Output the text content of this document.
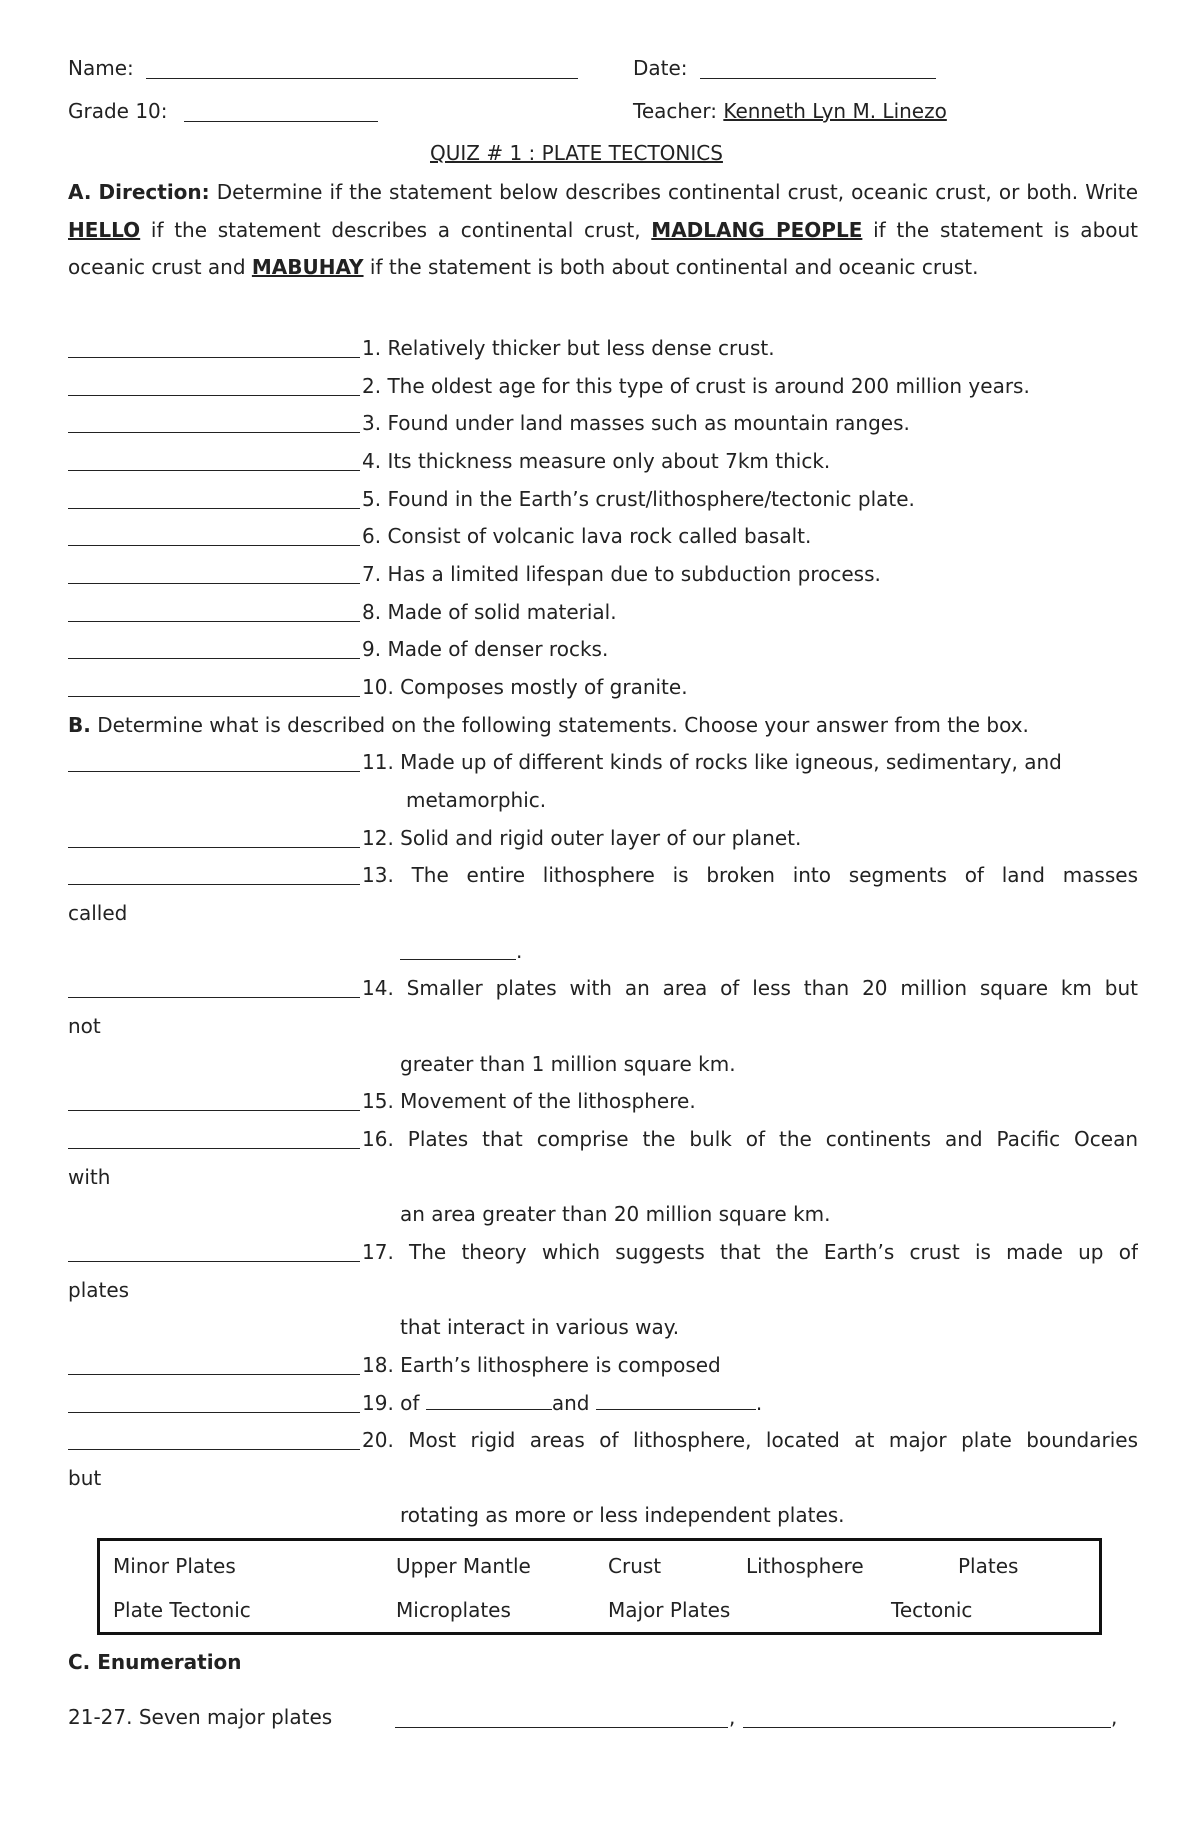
Name:	Date:
Grade 10:	Teacher: Kenneth Lyn M. Linezo
QUIZ # 1 : PLATE TECTONICS
A. Direction: Determine if the statement below describes continental crust, oceanic crust, or both. Write HELLO if the statement describes a continental crust, MADLANG PEOPLE if the statement is about oceanic crust and MABUHAY if the statement is both about continental and oceanic crust.
1. Relatively thicker but less dense crust.
2. The oldest age for this type of crust is around 200 million years.
3. Found under land masses such as mountain ranges.
4. Its thickness measure only about 7km thick.
5. Found in the Earth’s crust/lithosphere/tectonic plate.
6. Consist of volcanic lava rock called basalt.
7. Has a limited lifespan due to subduction process.
8. Made of solid material.
9. Made of denser rocks.
10. Composes mostly of granite.
B. Determine what is described on the following statements. Choose your answer from the box.
11. Made up of different kinds of rocks like igneous, sedimentary, and
metamorphic.
12. Solid and rigid outer layer of our planet.
13. The entire lithosphere is broken into segments of land masses
called
.
14. Smaller plates with an area of less than 20 million square km but
not
greater than 1 million square km.
15. Movement of the lithosphere.
16. Plates that comprise the bulk of the continents and Pacific Ocean
with
an area greater than 20 million square km.
17. The theory which suggests that the Earth’s crust is made up of
plates
that interact in various way.
18. Earth’s lithosphere is composed
19. of	and	.
20. Most rigid areas of lithosphere, located at major plate boundaries
but
rotating as more or less independent plates.
Minor Plates	Upper Mantle	Crust	Lithosphere	Plates
Plate Tectonic	Microplates	Major Plates	Tectonic
C. Enumeration
21-27. Seven major plates	,	,
